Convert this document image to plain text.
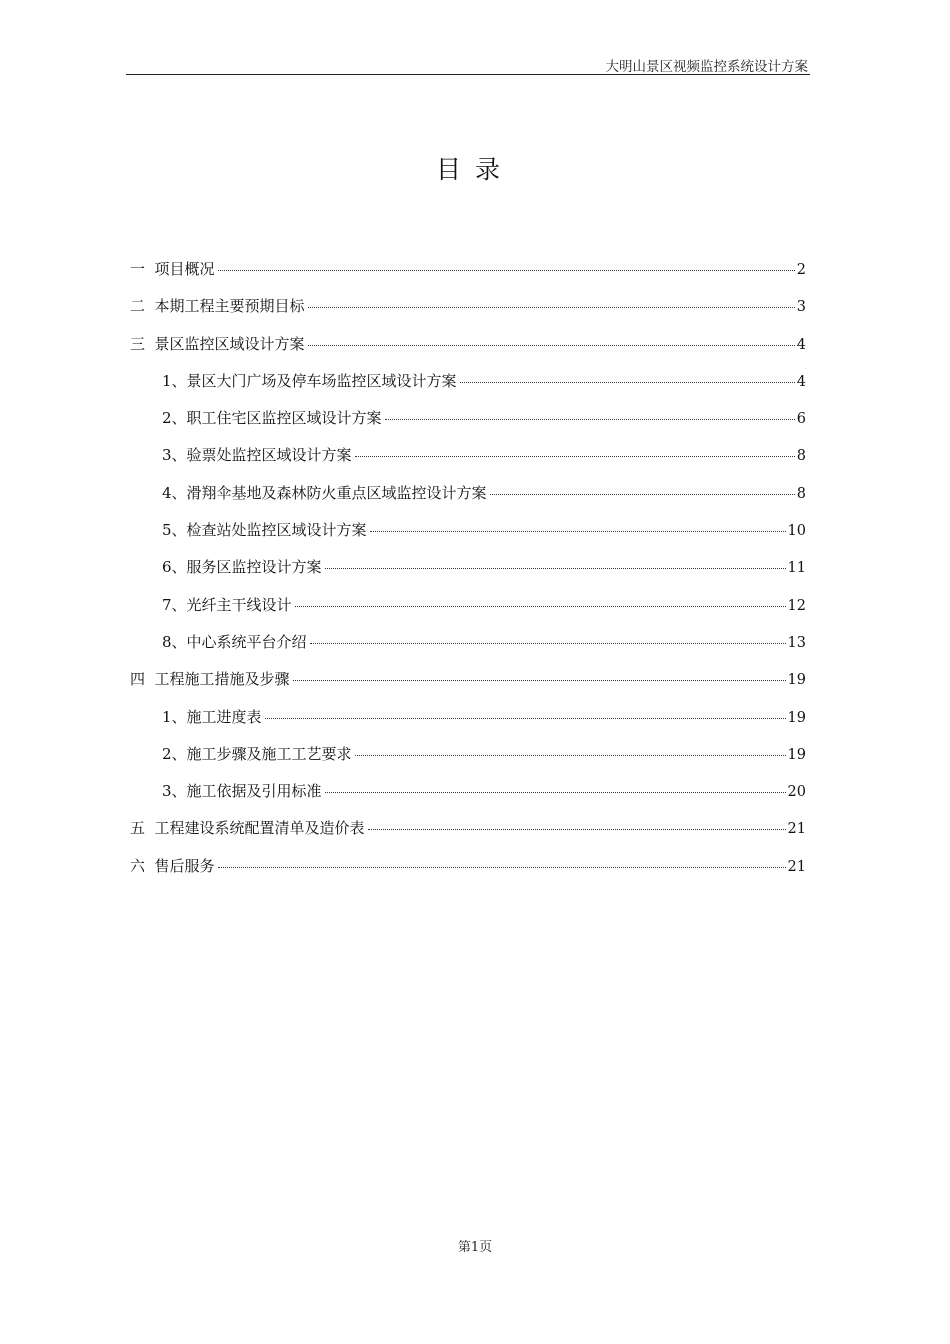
大明山景区视频监控系统设计方案
目录
一 项目概况	2
二 本期工程主要预期目标	3
三 景区监控区域设计方案	4
1、 景区大门广场及停车场监控区域设计方案	4
2、 职工住宅区监控区域设计方案	6
3、 验票处监控区域设计方案	8
4、 滑翔伞基地及森林防火重点区域监控设计方案	8
5、 检查站处监控区域设计方案	10
6、 服务区监控设计方案	11
7、 光纤主干线设计	12
8、 中心系统平台介绍	13
四 工程施工措施及步骤	19
1、 施工进度表	19
2、 施工步骤及施工工艺要求	19
3、 施工依据及引用标准	20
五 工程建设系统配置清单及造价表	21
六 售后服务	21
第1页
